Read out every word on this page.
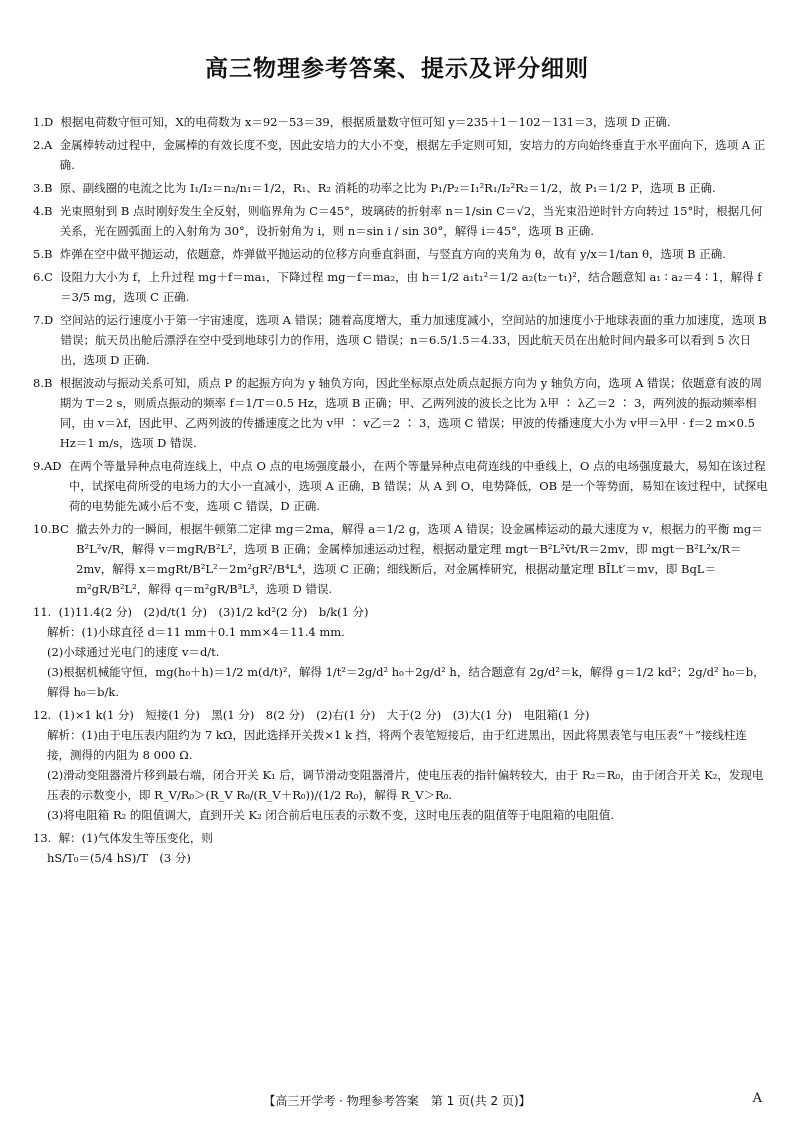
高三物理参考答案、提示及评分细则
1.D
根据电荷数守恒可知，X的电荷数为 x＝92－53＝39，根据质量数守恒可知 y＝235＋1－102－131＝3，选项 D 正确.
2.A
金属棒转动过程中，金属棒的有效长度不变，因此安培力的大小不变，根据左手定则可知，安培力的方向始终垂直于水平面向下，选项 A 正确.
3.B
原、副线圈的电流之比为 I₁/I₂＝n₂/n₁＝1/2，R₁、R₂ 消耗的功率之比为 P₁/P₂＝I₁²R₁/I₂²R₂＝1/2，故 P₁＝1/2 P，选项 B 正确.
4.B
光束照射到 B 点时刚好发生全反射，则临界角为 C＝45°，玻璃砖的折射率 n＝1/sin C＝√2，当光束沿逆时针方向转过 15°时，根据几何关系，光在圆弧面上的入射角为 30°，设折射角为 i，则 n＝sin i / sin 30°，解得 i＝45°，选项 B 正确.
5.B
炸弹在空中做平抛运动，依题意，炸弹做平抛运动的位移方向垂直斜面，与竖直方向的夹角为 θ，故有 y/x＝1/tan θ，选项 B 正确.
6.C
设阻力大小为 f，上升过程 mg＋f＝ma₁，下降过程 mg－f＝ma₂，由 h＝1/2 a₁t₁²＝1/2 a₂(t₂－t₁)²，结合题意知 a₁ ∶ a₂＝4 ∶ 1，解得 f＝3/5 mg，选项 C 正确.
7.D
空间站的运行速度小于第一宇宙速度，选项 A 错误；随着高度增大，重力加速度减小，空间站的加速度小于地球表面的重力加速度，选项 B 错误；航天员出舱后漂浮在空中受到地球引力的作用，选项 C 错误；n＝6.5/1.5＝4.33，因此航天员在出舱时间内最多可以看到 5 次日出，选项 D 正确.
8.B
根据波动与振动关系可知，质点 P 的起振方向为 y 轴负方向，因此坐标原点处质点起振方向为 y 轴负方向，选项 A 错误；依题意有波的周期为 T＝2 s，则质点振动的频率 f＝1/T＝0.5 Hz，选项 B 正确；甲、乙两列波的波长之比为 λ甲 ∶ λ乙＝2 ∶ 3，两列波的振动频率相同，由 v＝λf，因此甲、乙两列波的传播速度之比为 v甲 ∶ v乙＝2 ∶ 3，选项 C 错误；甲波的传播速度大小为 v甲＝λ甲 · f＝2 m×0.5 Hz＝1 m/s，选项 D 错误.
9.AD
在两个等量异种点电荷连线上，中点 O 点的电场强度最小，在两个等量异种点电荷连线的中垂线上，O 点的电场强度最大，易知在该过程中，试探电荷所受的电场力的大小一直减小，选项 A 正确，B 错误；从 A 到 O，电势降低，OB 是一个等势面，易知在该过程中，试探电荷的电势能先减小后不变，选项 C 错误，D 正确.
10.BC
撤去外力的一瞬间，根据牛顿第二定律 mg＝2ma，解得 a＝1/2 g，选项 A 错误；设金属棒运动的最大速度为 v，根据力的平衡 mg＝B²L²v/R，解得 v＝mgR/B²L²，选项 B 正确；金属棒加速运动过程，根据动量定理 mgt－B²L²v̄t/R＝2mv，即 mgt－B²L²x/R＝2mv，解得 x＝mgRt/B²L²－2m²gR²/B⁴L⁴，选项 C 正确；细线断后，对金属棒研究，根据动量定理 BĪLt′＝mv，即 BqL＝m²gR/B²L²，解得 q＝m²gR/B³L³，选项 D 错误.
11.
(1)11.4(2 分)　(2)d/t(1 分)　(3)1/2 kd²(2 分)　b/k(1 分)
解析：(1)小球直径 d＝11 mm＋0.1 mm×4＝11.4 mm.
(2)小球通过光电门的速度 v＝d/t.
(3)根据机械能守恒，mg(h₀＋h)＝1/2 m(d/t)²，解得 1/t²＝2g/d² h₀＋2g/d² h，结合题意有 2g/d²＝k，解得 g＝1/2 kd²；2g/d² h₀＝b，解得 h₀＝b/k.
12.
(1)×1 k(1 分)　短接(1 分)　黑(1 分)　8(2 分)　(2)右(1 分)　大于(2 分)　(3)大(1 分)　电阻箱(1 分)
解析：(1)由于电压表内阻约为 7 kΩ，因此选择开关拨×1 k 挡，将两个表笔短接后，由于红进黑出，因此将黑表笔与电压表“＋”接线柱连接，测得的内阻为 8 000 Ω.
(2)滑动变阻器滑片移到最右端，闭合开关 K₁ 后，调节滑动变阻器滑片，使电压表的指针偏转较大，由于 R₂＝R₀，由于闭合开关 K₂，发现电压表的示数变小，即 R_V/R₀＞(R_V R₀/(R_V＋R₀))/(1/2 R₀)，解得 R_V＞R₀.
(3)将电阻箱 R₂ 的阻值调大，直到开关 K₂ 闭合前后电压表的示数不变，这时电压表的阻值等于电阻箱的电阻值.
13.
解：(1)气体发生等压变化，则
hS/T₀＝(5/4 hS)/T　(3 分)
【高三开学考 · 物理参考答案　第 1 页(共 2 页)】	A
